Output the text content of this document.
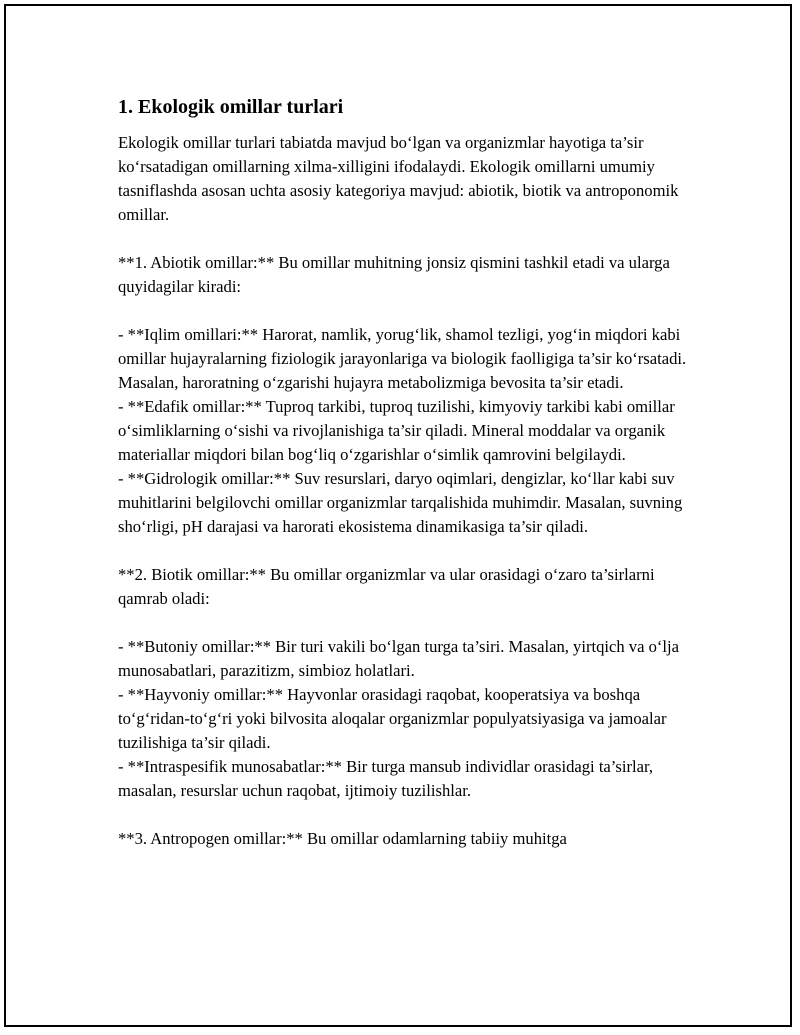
1. Ekologik omillar turlari

Ekologik omillar turlari tabiatda mavjud bo‘lgan va organizmlar hayotiga ta’sir ko‘rsatadigan omillarning xilma-xilligini ifodalaydi. Ekologik omillarni umumiy tasniflashda asosan uchta asosiy kategoriya mavjud: abiotik, biotik va antroponomik omillar.

**1. Abiotik omillar:** Bu omillar muhitning jonsiz qismini tashkil etadi va ularga quyidagilar kiradi:

- **Iqlim omillari:** Harorat, namlik, yorug‘lik, shamol tezligi, yog‘in miqdori kabi omillar hujayralarning fiziologik jarayonlariga va biologik faolligiga ta’sir ko‘rsatadi. Masalan, haroratning o‘zgarishi hujayra metabolizmiga bevosita ta’sir etadi.

- **Edafik omillar:** Tuproq tarkibi, tuproq tuzilishi, kimyoviy tarkibi kabi omillar o‘simliklarning o‘sishi va rivojlanishiga ta’sir qiladi. Mineral moddalar va organik materiallar miqdori bilan bog‘liq o‘zgarishlar o‘simlik qamrovini belgilaydi.

- **Gidrologik omillar:** Suv resurslari, daryo oqimlari, dengizlar, ko‘llar kabi suv muhitlarini belgilovchi omillar organizmlar tarqalishida muhimdir. Masalan, suvning sho‘rligi, pH darajasi va harorati ekosistema dinamikasiga ta’sir qiladi.

**2. Biotik omillar:** Bu omillar organizmlar va ular orasidagi o‘zaro ta’sirlarni qamrab oladi:

- **Butoniy omillar:** Bir turi vakili bo‘lgan turga ta’siri. Masalan, yirtqich va o‘lja munosabatlari, parazitizm, simbioz holatlari.

- **Hayvoniy omillar:** Hayvonlar orasidagi raqobat, kooperatsiya va boshqa to‘g‘ridan-to‘g‘ri yoki bilvosita aloqalar organizmlar populyatsiyasiga va jamoalar tuzilishiga ta’sir qiladi.

- **Intraspesifik munosabatlar:** Bir turga mansub individlar orasidagi ta’sirlar, masalan, resurslar uchun raqobat, ijtimoiy tuzilishlar.

**3. Antropogen omillar:** Bu omillar odamlarning tabiiy muhitga
